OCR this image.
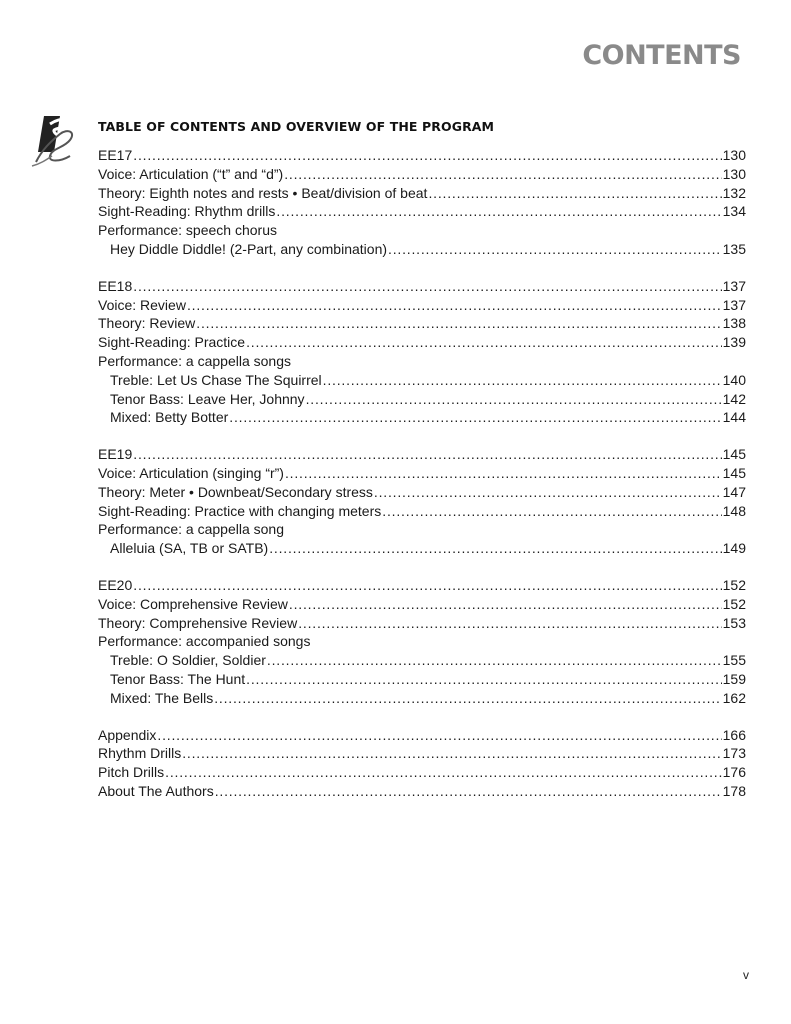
CONTENTS
TABLE OF CONTENTS AND OVERVIEW OF THE PROGRAM
EE17 .....	130
Voice: Articulation (“t” and “d”) .....	130
Theory: Eighth notes and rests • Beat/division of beat .....	132
Sight-Reading: Rhythm drills .....	134
Performance: speech chorus
Hey Diddle Diddle! (2-Part, any combination) .....	135
EE18 .....	137
Voice: Review .....	137
Theory: Review .....	138
Sight-Reading: Practice .....	139
Performance: a cappella songs
Treble: Let Us Chase The Squirrel .....	140
Tenor Bass: Leave Her, Johnny .....	142
Mixed: Betty Botter .....	144
EE19 .....	145
Voice: Articulation (singing “r”) .....	145
Theory: Meter • Downbeat/Secondary stress .....	147
Sight-Reading: Practice with changing meters .....	148
Performance: a cappella song
Alleluia (SA, TB or SATB) .....	149
EE20 .....	152
Voice: Comprehensive Review .....	152
Theory: Comprehensive Review .....	153
Performance: accompanied songs
Treble: O Soldier, Soldier .....	155
Tenor Bass: The Hunt .....	159
Mixed: The Bells .....	162
Appendix .....	166
Rhythm Drills .....	173
Pitch Drills .....	176
About The Authors .....	178
v
